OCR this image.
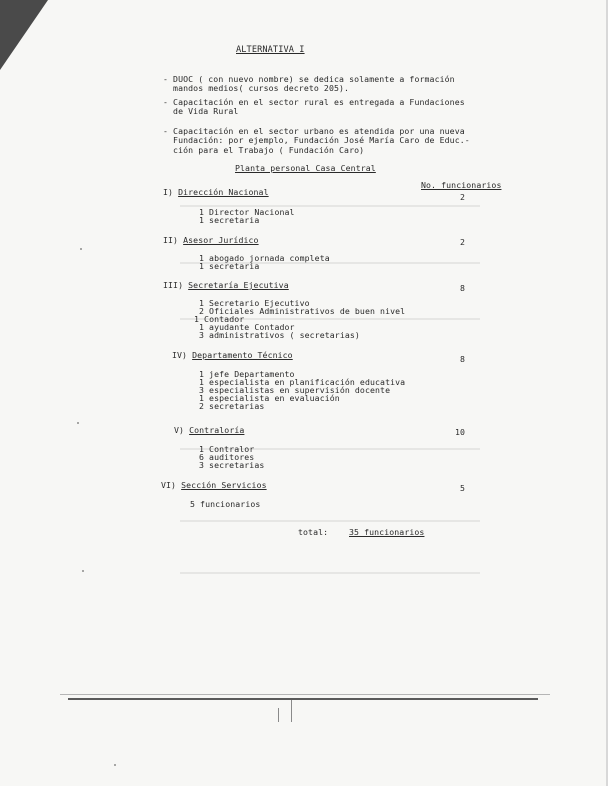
ALTERNATIVA I
- DUOC ( con nuevo nombre) se dedica solamente a formación
mandos medios( cursos decreto 205).
- Capacitación en el sector rural es entregada a Fundaciones
de Vida Rural
- Capacitación en el sector urbano es atendida por una nueva
Fundación: por ejemplo, Fundación José María Caro de Educ.-
ción para el Trabajo ( Fundación Caro)
Planta personal Casa Central
No. funcionarios
I) Dirección Nacional	2
1 Director Nacional
1 secretaria
II) Asesor Jurídico	2
1 abogado jornada completa
1 secretaria
III) Secretaría Ejecutiva	8
1 Secretario Ejecutivo
2 Oficiales Administrativos de buen nivel
1 Contador
1 ayudante Contador
3 administrativos ( secretarias)
IV) Departamento Técnico	8
1 jefe Departamento
1 especialista en planificación educativa
3 especialistas en supervisión docente
1 especialista en evaluación
2 secretarias
V) Contraloría	10
1 Contralor
6 auditores
3 secretarias
VI) Sección Servicios	5
5 funcionarios
total:	35 funcionarios
